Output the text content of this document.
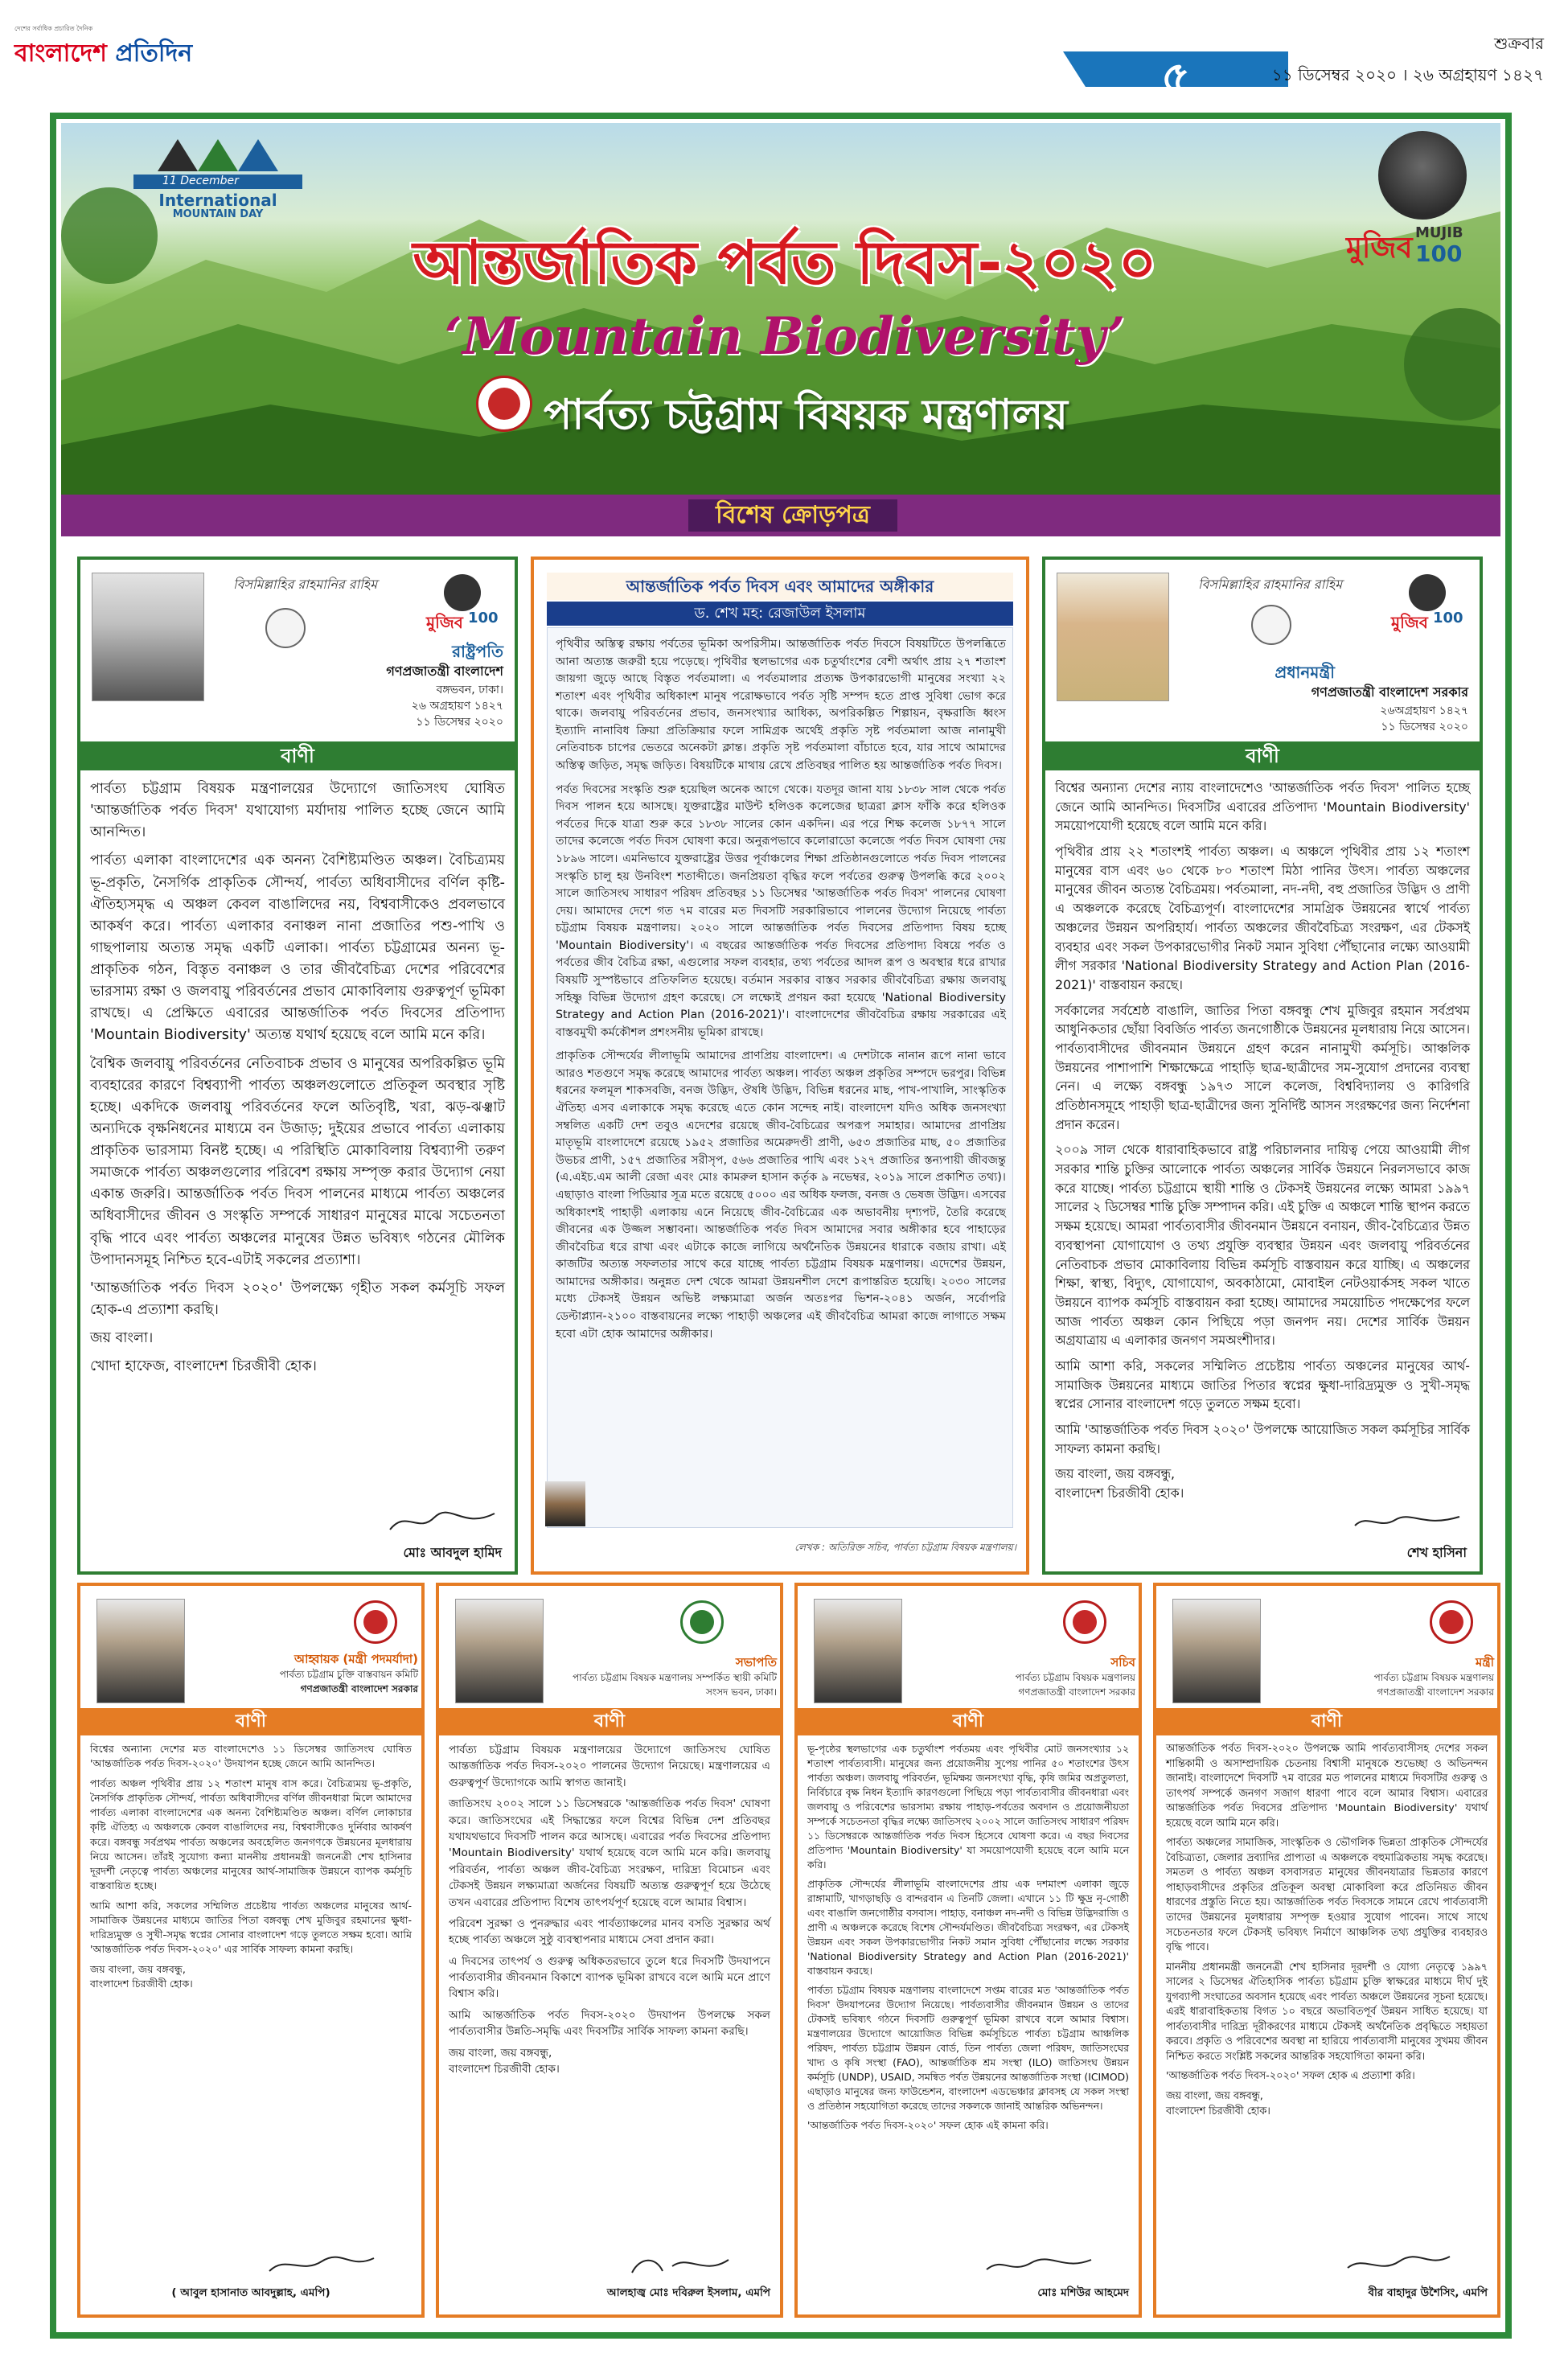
দেশের সর্বাধিক প্রচারিত দৈনিক
বাংলাদেশ প্রতিদিন	৫
শুক্রবার
১১ ডিসেম্বর ২০২০ । ২৬ অগ্রহায়ণ ১৪২৭
11 December
International
MOUNTAIN DAY
আন্তর্জাতিক পর্বত দিবস-২০২০
‘Mountain Biodiversity’
পার্বত্য চট্টগ্রাম বিষয়ক মন্ত্রণালয়
মুজিব MUJIB
100
বিশেষ ক্রোড়পত্র
বিসমিল্লাহির রাহমানির রাহিম
মুজিব 100
রাষ্ট্রপতি
গণপ্রজাতন্ত্রী বাংলাদেশ
বঙ্গভবন, ঢাকা।
২৬ অগ্রহায়ণ ১৪২৭
১১ ডিসেম্বর ২০২০
বাণী

পার্বত্য চট্টগ্রাম বিষয়ক মন্ত্রণালয়ের উদ্যোগে জাতিসংঘ ঘোষিত 'আন্তর্জাতিক পর্বত দিবস' যথাযোগ্য মর্যাদায় পালিত হচ্ছে জেনে আমি আনন্দিত।

পার্বত্য এলাকা বাংলাদেশের এক অনন্য বৈশিষ্ট্যমণ্ডিত অঞ্চল। বৈচিত্র্যময় ভূ-প্রকৃতি, নৈসর্গিক প্রাকৃতিক সৌন্দর্য, পার্বত্য অধিবাসীদের বর্ণিল কৃষ্টি-ঐতিহ্যসমৃদ্ধ এ অঞ্চল কেবল বাঙালিদের নয়, বিশ্ববাসীকেও প্রবলভাবে আকর্ষণ করে। পার্বত্য এলাকার বনাঞ্চল নানা প্রজাতির পশু-পাখি ও গাছপালায় অত্যন্ত সমৃদ্ধ একটি এলাকা। পার্বত্য চট্টগ্রামের অনন্য ভূ-প্রাকৃতিক গঠন, বিস্তৃত বনাঞ্চল ও তার জীববৈচিত্র্য দেশের পরিবেশের ভারসাম্য রক্ষা ও জলবায়ু পরিবর্তনের প্রভাব মোকাবিলায় গুরুত্বপূর্ণ ভূমিকা রাখছে। এ প্রেক্ষিতে এবারের আন্তর্জাতিক পর্বত দিবসের প্রতিপাদ্য 'Mountain Biodiversity' অত্যন্ত যথার্থ হয়েছে বলে আমি মনে করি।

বৈশ্বিক জলবায়ু পরিবর্তনের নেতিবাচক প্রভাব ও মানুষের অপরিকল্পিত ভূমি ব্যবহারের কারণে বিশ্বব্যাপী পার্বত্য অঞ্চলগুলোতে প্রতিকূল অবস্থার সৃষ্টি হচ্ছে। একদিকে জলবায়ু পরিবর্তনের ফলে অতিবৃষ্টি, খরা, ঝড়-ঝঞ্ঝাট অন্যদিকে বৃক্ষনিধনের মাধ্যমে বন উজাড়; দুইয়ের প্রভাবে পার্বত্য এলাকায় প্রাকৃতিক ভারসাম্য বিনষ্ট হচ্ছে। এ পরিস্থিতি মোকাবিলায় বিশ্বব্যাপী তরুণ সমাজকে পার্বত্য অঞ্চলগুলোর পরিবেশ রক্ষায় সম্পৃক্ত করার উদ্যোগ নেয়া একান্ত জরুরি। আন্তর্জাতিক পর্বত দিবস পালনের মাধ্যমে পার্বত্য অঞ্চলের অধিবাসীদের জীবন ও সংস্কৃতি সম্পর্কে সাধারণ মানুষের মাঝে সচেতনতা বৃদ্ধি পাবে এবং পার্বত্য অঞ্চলের মানুষের উন্নত ভবিষ্যৎ গঠনের মৌলিক উপাদানসমূহ নিশ্চিত হবে-এটাই সকলের প্রত্যাশা।

'আন্তর্জাতিক পর্বত দিবস ২০২০' উপলক্ষ্যে গৃহীত সকল কর্মসূচি সফল হোক-এ প্রত্যাশা করছি।

জয় বাংলা।

খোদা হাফেজ, বাংলাদেশ চিরজীবী হোক।

মোঃ আবদুল হামিদ
আন্তর্জাতিক পর্বত দিবস এবং আমাদের অঙ্গীকার
ড. শেখ মহ: রেজাউল ইসলাম

পৃথিবীর অস্তিত্ব রক্ষায় পর্বতের ভূমিকা অপরিসীম। আন্তর্জাতিক পর্বত দিবসে বিষয়টিতে উপলব্ধিতে আনা অত্যন্ত জরুরী হয়ে পড়েছে। পৃথিবীর স্থলভাগের এক চতুর্থাংশের বেশী অর্থাৎ প্রায় ২৭ শতাংশ জায়গা জুড়ে আছে বিস্তৃত পর্বতমালা। এ পর্বতমালার প্রত্যক্ষ উপকারভোগী মানুষের সংখ্যা ২২ শতাংশ এবং পৃথিবীর অধিকাংশ মানুষ পরোক্ষভাবে পর্বত সৃষ্টি সম্পদ হতে প্রাপ্ত সুবিধা ভোগ করে থাকে। জলবায়ু পরিবর্তনের প্রভাব, জনসংখ্যার আধিক্য, অপরিকল্পিত শিল্পায়ন, বৃক্ষরাজি ধ্বংস ইত্যাদি নানাবিধ ক্রিয়া প্রতিক্রিয়ার ফলে সামিগ্রক অর্থেই প্রকৃতি সৃষ্ট পর্বতমালা আজ নানামুখী নেতিবাচক চাপের ভেতরে অনেকটা ক্লান্ত। প্রকৃতি সৃষ্ট পর্বতমালা বাঁচাতে হবে, যার সাথে আমাদের অস্তিত্ব জড়িত, সমৃদ্ধ জড়িত। বিষয়টিকে মাথায় রেখে প্রতিবছর পালিত হয় আন্তর্জাতিক পর্বত দিবস।

পর্বত দিবসের সংস্কৃতি শুরু হয়েছিল অনেক আগে থেকে। যতদূর জানা যায় ১৮৩৮ সাল থেকে পর্বত দিবস পালন হয়ে আসছে। যুক্তরাষ্ট্রের মাউন্ট হলিওক কলেজের ছাত্ররা ক্লাস ফাঁকি করে হলিওক পর্বতের দিকে যাত্রা শুরু করে ১৮৩৮ সালের কোন একদিন। এর পরে শিক্ষ কলেজ ১৮৭৭ সালে তাদের কলেজে পর্বত দিবস ঘোষণা করে। অনুরূপভাবে কলোরাডো কলেজে পর্বত দিবস ঘোষণা দেয় ১৮৯৬ সালে। এমনিভাবে যুক্তরাষ্ট্রের উত্তর পূর্বাঞ্চলের শিক্ষা প্রতিষ্ঠানগুলোতে পর্বত দিবস পালনের সংস্কৃতি চালু হয় উনবিংশ শতাব্দীতে। জনপ্রিয়তা বৃদ্ধির ফলে পর্বতের গুরুত্ব উপলব্ধি করে ২০০২ সালে জাতিসংঘ সাধারণ পরিষদ প্রতিবছর ১১ ডিসেম্বর 'আন্তর্জাতিক পর্বত দিবস' পালনের ঘোষণা দেয়। আমাদের দেশে গত ৭ম বারের মত দিবসটি সরকারিভাবে পালনের উদ্যোগ নিয়েছে পার্বত্য চট্টগ্রাম বিষয়ক মন্ত্রণালয়। ২০২০ সালে আন্তর্জাতিক পর্বত দিবসের প্রতিপাদ্য বিষয় হচ্ছে 'Mountain Biodiversity'। এ বছরের আন্তর্জাতিক পর্বত দিবসের প্রতিপাদ্য বিষয়ে পর্বত ও পর্বতের জীব বৈচিত্র রক্ষা, এগুলোর সফল ব্যবহার, তথ্য পর্বতের আদল রূপ ও অবস্থার ধরে রাখার বিষয়টি সুস্পষ্টভাবে প্রতিফলিত হয়েছে। বর্তমান সরকার বাস্তব সরকার জীববৈচিত্র্য রক্ষায় জলবায়ু সহিষ্ণু বিভিন্ন উদ্যোগ গ্রহণ করেছে। সে লক্ষ্যেই প্রণয়ন করা হয়েছে 'National Biodiversity Strategy and Action Plan (2016-2021)'। বাংলাদেশের জীববৈচিত্র রক্ষায় সরকারের এই বাস্তবমুখী কর্মকৌশল প্রশংসনীয় ভূমিকা রাখছে।

প্রাকৃতিক সৌন্দর্যের লীলাভূমি আমাদের প্রাণপ্রিয় বাংলাদেশ। এ দেশটাকে নানান রূপে নানা ভাবে আরও শতগুণে সমৃদ্ধ করেছে আমাদের পার্বত্য অঞ্চল। পার্বত্য অঞ্চল প্রকৃতির সম্পদে ভরপুর। বিভিন্ন ধরনের ফলমূল শাকসবজি, বনজ উদ্ভিদ, ঔষধি উদ্ভিদ, বিভিন্ন ধরনের মাছ, পাখ-পাখালি, সাংস্কৃতিক ঐতিহ্য এসব এলাকাকে সমৃদ্ধ করেছে এতে কোন সন্দেহ নাই। বাংলাদেশ যদিও অধিক জনসংখ্যা সম্বলিত একটি দেশ তবুও এদেশের রয়েছে জীব-বৈচিত্রের অপরূপ সমাহার। আমাদের প্রাণপ্রিয় মাতৃভূমি বাংলাদেশে রয়েছে ১৯৫২ প্রজাতির অমেরুদণ্ডী প্রাণী, ৬৫৩ প্রজাতির মাছ, ৫০ প্রজাতির উভচর প্রাণী, ১৫৭ প্রজাতির সরীসৃপ, ৫৬৬ প্রজাতির পাখি এবং ১২৭ প্রজাতির স্তন্যপায়ী জীবজন্তু (এ.এইচ.এম আলী রেজা এবং মোঃ কামরুল হাসান কর্তৃক ৯ নভেম্বর, ২০১৯ সালে প্রকাশিত তথ্য)। এছাড়াও বাংলা পিডিয়ার সূত্র মতে রয়েছে ৫০০০ এর অধিক ফলজ, বনজ ও ভেষজ উদ্ভিদ। এসবের অধিকাংশই পাহাড়ী এলাকায় এনে নিয়েছে জীব-বৈচিত্রের এক অভাবনীয় দৃশ্যপট, তৈরি করেছে জীবনের এক উজ্জল সম্ভাবনা। আন্তর্জাতিক পর্বত দিবস আমাদের সবার অঙ্গীকার হবে পাহাড়ের জীববৈচিত্র ধরে রাখা এবং এটাকে কাজে লাগিয়ে অর্থনৈতিক উন্নয়নের ধারাকে বজায় রাখা। এই কাজটির অত্যন্ত সফলতার সাথে করে যাচ্ছে পার্বত্য চট্টগ্রাম বিষয়ক মন্ত্রণালয়। এদেশের উন্নয়ন, আমাদের অঙ্গীকার। অনুন্নত দেশ থেকে আমরা উন্নয়নশীল দেশে রূপান্তরিত হয়েছি। ২০৩০ সালের মধ্যে টেকসই উন্নয়ন অভিষ্ট লক্ষ্যমাত্রা অর্জন অতঃপর ভিশন-২০৪১ অর্জন, সর্বোপরি ডেল্টাপ্ল্যান-২১০০ বাস্তবায়নের লক্ষ্যে পাহাড়ী অঞ্চলের এই জীববৈচিত্র আমরা কাজে লাগাতে সক্ষম হবো এটা হোক আমাদের অঙ্গীকার।

লেখক : অতিরিক্ত সচিব, পার্বত্য চট্টগ্রাম বিষয়ক মন্ত্রণালয়।
বিসমিল্লাহির রাহমানির রাহিম
মুজিব 100
প্রধানমন্ত্রী
গণপ্রজাতন্ত্রী বাংলাদেশ সরকার
২৬অগ্রহায়ণ ১৪২৭
১১ ডিসেম্বর ২০২০
বাণী

বিশ্বের অন্যান্য দেশের ন্যায় বাংলাদেশেও 'আন্তর্জাতিক পর্বত দিবস' পালিত হচ্ছে জেনে আমি আনন্দিত। দিবসটির এবারের প্রতিপাদ্য 'Mountain Biodiversity' সময়োপযোগী হয়েছে বলে আমি মনে করি।

পৃথিবীর প্রায় ২২ শতাংশই পার্বত্য অঞ্চল। এ অঞ্চলে পৃথিবীর প্রায় ১২ শতাংশ মানুষের বাস এবং ৬০ থেকে ৮০ শতাংশ মিঠা পানির উৎস। পার্বত্য অঞ্চলের মানুষের জীবন অত্যন্ত বৈচিত্রময়। পর্বতমালা, নদ-নদী, বহু প্রজাতির উদ্ভিদ ও প্রাণী এ অঞ্চলকে করেছে বৈচিত্র্যপূর্ণ। বাংলাদেশের সামগ্রিক উন্নয়নের স্বার্থে পার্বত্য অঞ্চলের উন্নয়ন অপরিহার্য। পার্বত্য অঞ্চলের জীববৈচিত্র্য সংরক্ষণ, এর টেকসই ব্যবহার এবং সকল উপকারভোগীর নিকট সমান সুবিধা পৌঁছানোর লক্ষ্যে আওয়ামী লীগ সরকার 'National Biodiversity Strategy and Action Plan (2016-2021)' বাস্তবায়ন করছে।

সর্বকালের সর্বশ্রেষ্ঠ বাঙালি, জাতির পিতা বঙ্গবন্ধু শেখ মুজিবুর রহমান সর্বপ্রথম আধুনিকতার ছোঁয়া বিবর্জিত পার্বত্য জনগোষ্ঠীকে উন্নয়নের মূলধারায় নিয়ে আসেন। পার্বত্যবাসীদের জীবনমান উন্নয়নে গ্রহণ করেন নানামুখী কর্মসূচি। আঞ্চলিক উন্নয়নের পাশাপাশি শিক্ষাক্ষেত্রে পাহাড়ি ছাত্র-ছাত্রীদের সম-সুযোগ প্রদানের ব্যবস্থা নেন। এ লক্ষ্যে বঙ্গবন্ধু ১৯৭৩ সালে কলেজ, বিশ্ববিদ্যালয় ও কারিগরি প্রতিষ্ঠানসমূহে পাহাড়ী ছাত্র-ছাত্রীদের জন্য সুনির্দিষ্ট আসন সংরক্ষণের জন্য নির্দেশনা প্রদান করেন।

২০০৯ সাল থেকে ধারাবাহিকভাবে রাষ্ট্র পরিচালনার দায়িত্ব পেয়ে আওয়ামী লীগ সরকার শান্তি চুক্তির আলোকে পার্বত্য অঞ্চলের সার্বিক উন্নয়নে নিরলসভাবে কাজ করে যাচ্ছে। পার্বত্য চট্টগ্রামে স্থায়ী শান্তি ও টেকসই উন্নয়নের লক্ষ্যে আমরা ১৯৯৭ সালের ২ ডিসেম্বর শান্তি চুক্তি সম্পাদন করি। এই চুক্তি এ অঞ্চলে শান্তি স্থাপন করতে সক্ষম হয়েছে। আমরা পার্বত্যবাসীর জীবনমান উন্নয়নে বনায়ন, জীব-বৈচিত্র্যের উন্নত ব্যবস্থাপনা যোগাযোগ ও তথ্য প্রযুক্তি ব্যবস্থার উন্নয়ন এবং জলবায়ু পরিবর্তনের নেতিবাচক প্রভাব মোকাবিলায় বিভিন্ন কর্মসূচি বাস্তবায়ন করে যাচ্ছি। এ অঞ্চলের শিক্ষা, স্বাস্থ্য, বিদ্যুৎ, যোগাযোগ, অবকাঠামো, মোবাইল নেটওয়ার্কসহ সকল খাতে উন্নয়নে ব্যাপক কর্মসূচি বাস্তবায়ন করা হচ্ছে। আমাদের সময়োচিত পদক্ষেপের ফলে আজ পার্বত্য অঞ্চল কোন পিছিয়ে পড়া জনপদ নয়। দেশের সার্বিক উন্নয়ন অগ্রযাত্রায় এ এলাকার জনগণ সমঅংশীদার।

আমি আশা করি, সকলের সম্মিলিত প্রচেষ্টায় পার্বত্য অঞ্চলের মানুষের আর্থ-সামাজিক উন্নয়নের মাধ্যমে জাতির পিতার স্বপ্নের ক্ষুধা-দারিদ্র্যমুক্ত ও সুখী-সমৃদ্ধ স্বপ্নের সোনার বাংলাদেশ গড়ে তুলতে সক্ষম হবো।

আমি 'আন্তর্জাতিক পর্বত দিবস ২০২০' উপলক্ষে আয়োজিত সকল কর্মসূচির সার্বিক সাফল্য কামনা করছি।

জয় বাংলা, জয় বঙ্গবন্ধু,

বাংলাদেশ চিরজীবী হোক।

শেখ হাসিনা
আহ্বায়ক (মন্ত্রী পদমর্যাদা)
পার্বত্য চট্টগ্রাম চুক্তি বাস্তবায়ন কমিটি
গণপ্রজাতন্ত্রী বাংলাদেশ সরকার
বাণী

বিশ্বের অন্যান্য দেশের মত বাংলাদেশেও ১১ ডিসেম্বর জাতিসংঘ ঘোষিত 'আন্তর্জাতিক পর্বত দিবস-২০২০' উদযাপন হচ্ছে জেনে আমি আনন্দিত।

পার্বত্য অঞ্চল পৃথিবীর প্রায় ১২ শতাংশ মানুষ বাস করে। বৈচিত্র্যময় ভূ-প্রকৃতি, নৈসর্গিক প্রাকৃতিক সৌন্দর্য, পার্বত্য অধিবাসীদের বর্ণিল জীবনধারা মিলে আমাদের পার্বত্য এলাকা বাংলাদেশের এক অনন্য বৈশিষ্ট্যমণ্ডিত অঞ্চল। বর্ণিল লোকাচার কৃষ্টি ঐতিহ্য এ অঞ্চলকে কেবল বাঙালিদের নয়, বিশ্ববাসীকেও দুর্নিবার আকর্ষণ করে। বঙ্গবন্ধু সর্বপ্রথম পার্বত্য অঞ্চলের অবহেলিত জনগণকে উন্নয়নের মূলধারায় নিয়ে আসেন। তাঁরই সুযোগ্য কন্যা মাননীয় প্রধানমন্ত্রী জননেত্রী শেখ হাসিনার দূরদর্শী নেতৃত্বে পার্বত্য অঞ্চলের মানুষের আর্থ-সামাজিক উন্নয়নে ব্যাপক কর্মসূচি বাস্তবায়িত হচ্ছে।

আমি আশা করি, সকলের সম্মিলিত প্রচেষ্টায় পার্বত্য অঞ্চলের মানুষের আর্থ-সামাজিক উন্নয়নের মাধ্যমে জাতির পিতা বঙ্গবন্ধু শেখ মুজিবুর রহমানের ক্ষুধা-দারিদ্র্যমুক্ত ও সুখী-সমৃদ্ধ স্বপ্নের সোনার বাংলাদেশ গড়ে তুলতে সক্ষম হবো। আমি 'আন্তর্জাতিক পর্বত দিবস-২০২০' এর সার্বিক সাফল্য কামনা করছি।

জয় বাংলা, জয় বঙ্গবন্ধু,

বাংলাদেশ চিরজীবী হোক।

( আবুল হাসানাত আবদুল্লাহ, এমপি)
সভাপতি
পার্বত্য চট্টগ্রাম বিষয়ক মন্ত্রণালয় সম্পর্কিত স্থায়ী কমিটি
সংসদ ভবন, ঢাকা।
বাণী

পার্বত্য চট্টগ্রাম বিষয়ক মন্ত্রণালয়ের উদ্যোগে জাতিসংঘ ঘোষিত আন্তর্জাতিক পর্বত দিবস-২০২০ পালনের উদ্যোগ নিয়েছে। মন্ত্রণালয়ের এ গুরুত্বপূর্ণ উদ্যোগকে আমি স্বাগত জানাই।

জাতিসংঘ ২০০২ সালে ১১ ডিসেম্বরকে 'আন্তর্জাতিক পর্বত দিবস' ঘোষণা করে। জাতিসংঘের এই সিদ্ধান্তের ফলে বিশ্বের বিভিন্ন দেশ প্রতিবছর যথাযথভাবে দিবসটি পালন করে আসছে। এবারের পর্বত দিবসের প্রতিপাদ্য 'Mountain Biodiversity' যথার্থ হয়েছে বলে আমি মনে করি। জলবায়ু পরিবর্তন, পার্বত্য অঞ্চল জীব-বৈচিত্র্য সংরক্ষণ, দারিদ্র্য বিমোচন এবং টেকসই উন্নয়ন লক্ষ্যমাত্রা অর্জনের বিষয়টি অত্যন্ত গুরুত্বপূর্ণ হয়ে উঠেছে তখন এবারের প্রতিপাদ্য বিশেষ তাৎপর্যপূর্ণ হয়েছে বলে আমার বিশ্বাস।

পরিবেশ সুরক্ষা ও পুনরুদ্ধার এবং পার্বত্যাঞ্চলের মানব বসতি সুরক্ষার অর্থ হচ্ছে পার্বত্য অঞ্চলে সুষ্ঠু ব্যবস্থাপনার মাধ্যমে সেবা প্রদান করা।

এ দিবসের তাৎপর্য ও গুরুত্ব অধিকতরভাবে তুলে ধরে দিবসটি উদযাপনে পার্বত্যবাসীর জীবনমান বিকাশে ব্যাপক ভূমিকা রাখবে বলে আমি মনে প্রাণে বিশ্বাস করি।

আমি আন্তর্জাতিক পর্বত দিবস-২০২০ উদযাপন উপলক্ষে সকল পার্বত্যবাসীর উন্নতি-সমৃদ্ধি এবং দিবসটির সার্বিক সাফল্য কামনা করছি।

জয় বাংলা, জয় বঙ্গবন্ধু,

বাংলাদেশ চিরজীবী হোক।

আলহাজ্ব মোঃ দবিরুল ইসলাম, এমপি
সচিব
পার্বত্য চট্টগ্রাম বিষয়ক মন্ত্রণালয়
গণপ্রজাতন্ত্রী বাংলাদেশ সরকার
বাণী

ভূ-পৃষ্ঠের স্থলভাগের এক চতুর্থাংশ পর্বতময় এবং পৃথিবীর মোট জনসংখ্যার ১২ শতাংশ পার্বত্যবাসী। মানুষের জন্য প্রয়োজনীয় সুপেয় পানির ৫০ শতাংশের উৎস পার্বত্য অঞ্চল। জলবায়ু পরিবর্তন, ভূমিক্ষয় জনসংখ্যা বৃদ্ধি, কৃষি জমির অপ্রতুলতা, নির্বিচারে বৃক্ষ নিধন ইত্যাদি কারণগুলো পিছিয়ে পড়া পার্বত্যবাসীর জীবনধারা এবং জলবায়ু ও পরিবেশের ভারসাম্য রক্ষায় পাহাড়-পর্বতের অবদান ও প্রয়োজনীয়তা সম্পর্কে সচেতনতা বৃদ্ধির লক্ষ্যে জাতিসংঘ ২০০২ সালে জাতিসংঘ সাধারণ পরিষদ ১১ ডিসেম্বরকে আন্তর্জাতিক পর্বত দিবস হিসেবে ঘোষণা করে। এ বছর দিবসের প্রতিপাদ্য 'Mountain Biodiversity' যা সময়োপযোগী হয়েছে বলে আমি মনে করি।

প্রাকৃতিক সৌন্দর্যের লীলাভূমি বাংলাদেশের প্রায় এক দশমাংশ এলাকা জুড়ে রাঙ্গামাটি, খাগড়াছড়ি ও বান্দরবান এ তিনটি জেলা। এখানে ১১ টি ক্ষুদ্র নৃ-গোষ্ঠী এবং বাঙালি জনগোষ্ঠীর বসবাস। পাহাড়, বনাঞ্চল নদ-নদী ও বিভিন্ন উদ্ভিদরাজি ও প্রাণী এ অঞ্চলকে করেছে বিশেষ সৌন্দর্যমণ্ডিত। জীববৈচিত্র্য সংরক্ষণ, এর টেকসই উন্নয়ন এবং সকল উপকারভোগীর নিকট সমান সুবিধা পৌঁছানোর লক্ষ্যে সরকার 'National Biodiversity Strategy and Action Plan (2016-2021)' বাস্তবায়ন করছে।

পার্বত্য চট্টগ্রাম বিষয়ক মন্ত্রণালয় বাংলাদেশে সপ্তম বারের মত 'আন্তর্জাতিক পর্বত দিবস' উদযাপনের উদ্যোগ নিয়েছে। পার্বত্যবাসীর জীবনমান উন্নয়ন ও তাদের টেকসই ভবিষ্যৎ গঠনে দিবসটি গুরুত্বপূর্ণ ভূমিকা রাখবে বলে আমার বিশ্বাস। মন্ত্রণালয়ের উদ্যোগে আয়োজিত বিভিন্ন কর্মসূচিতে পার্বত্য চট্টগ্রাম আঞ্চলিক পরিষদ, পার্বত্য চট্টগ্রাম উন্নয়ন বোর্ড, তিন পার্বত্য জেলা পরিষদ, জাতিসংঘের খাদ্য ও কৃষি সংস্থা (FAO), আন্তর্জাতিক শ্রম সংস্থা (ILO) জাতিসংঘ উন্নয়ন কর্মসূচি (UNDP), USAID, সমন্বিত পর্বত উন্নয়নের আন্তর্জাতিক সংস্থা (ICIMOD) এছাড়াও মানুষের জন্য ফাউন্ডেশন, বাংলাদেশ এডভেঞ্চার ক্লাবসহ যে সকল সংস্থা ও প্রতিষ্ঠান সহযোগিতা করেছে তাদের সকলকে জানাই আন্তরিক অভিনন্দন।

'আন্তর্জাতিক পর্বত দিবস-২০২০' সফল হোক এই কামনা করি।

মোঃ মশিউর আহমেদ
মন্ত্রী
পার্বত্য চট্টগ্রাম বিষয়ক মন্ত্রণালয়
গণপ্রজাতন্ত্রী বাংলাদেশ সরকার
বাণী

আন্তর্জাতিক পর্বত দিবস-২০২০ উপলক্ষে আমি পার্বত্যবাসীসহ দেশের সকল শান্তিকামী ও অসাম্প্রদায়িক চেতনায় বিশ্বাসী মানুষকে শুভেচ্ছা ও অভিনন্দন জানাই। বাংলাদেশে দিবসটি ৭ম বারের মত পালনের মাধ্যমে দিবসটির গুরুত্ব ও তাৎপর্য সম্পর্কে জনগণ সজাগ ধারণা পাবে বলে আমার বিশ্বাস। এবারের আন্তর্জাতিক পর্বত দিবসের প্রতিপাদ্য 'Mountain Biodiversity' যথার্থ হয়েছে বলে আমি মনে করি।

পার্বত্য অঞ্চলের সামাজিক, সাংস্কৃতিক ও ভৌগলিক ভিন্নতা প্রাকৃতিক সৌন্দর্যের বৈচিত্র্যতা, জেলার দ্রব্যাদির প্রাপ্যতা এ অঞ্চলকে বহুমাত্রিকতায় সমৃদ্ধ করেছে। সমতল ও পার্বত্য অঞ্চল বসবাসরত মানুষের জীবনযাত্রার ভিন্নতার কারণে পাহাড়বাসীদের প্রকৃতির প্রতিকূল অবস্থা মোকাবিলা করে প্রতিনিয়ত জীবন ধারণের প্রস্তুতি নিতে হয়। আন্তর্জাতিক পর্বত দিবসকে সামনে রেখে পার্বত্যবাসী তাদের উন্নয়নের মূলধারায় সম্পৃক্ত হওয়ার সুযোগ পাবেন। সাথে সাথে সচেতনতার ফলে টেকসই ভবিষ্যৎ নির্মাণে আঞ্চলিক তথ্য প্রযুক্তির ব্যবহারও বৃদ্ধি পাবে।

মাননীয় প্রধানমন্ত্রী জননেত্রী শেখ হাসিনার দূরদর্শী ও যোগ্য নেতৃত্বে ১৯৯৭ সালের ২ ডিসেম্বর ঐতিহাসিক পার্বত্য চট্টগ্রাম চুক্তি স্বাক্ষরের মাধ্যমে দীর্ঘ দুই যুগব্যাপী সংঘাতের অবসান হয়েছে এবং পার্বত্য অঞ্চলে উন্নয়নের সূচনা হয়েছে। এরই ধারাবাহিকতায় বিগত ১০ বছরে অভাবিতপূর্ব উন্নয়ন সাধিত হয়েছে। যা পার্বত্যবাসীর দারিদ্র্য দূরীকরণের মাধ্যমে টেকসই অর্থনৈতিক প্রবৃদ্ধিতে সহায়তা করবে। প্রকৃতি ও পরিবেশের অবস্থা না হারিয়ে পার্বত্যবাসী মানুষের সুখময় জীবন নিশ্চিত করতে সংশ্লিষ্ট সকলের আন্তরিক সহযোগিতা কামনা করি।

'আন্তর্জাতিক পর্বত দিবস-২০২০' সফল হোক এ প্রত্যাশা করি।

জয় বাংলা, জয় বঙ্গবন্ধু,

বাংলাদেশ চিরজীবী হোক।

বীর বাহাদুর উশৈসিং, এমপি
